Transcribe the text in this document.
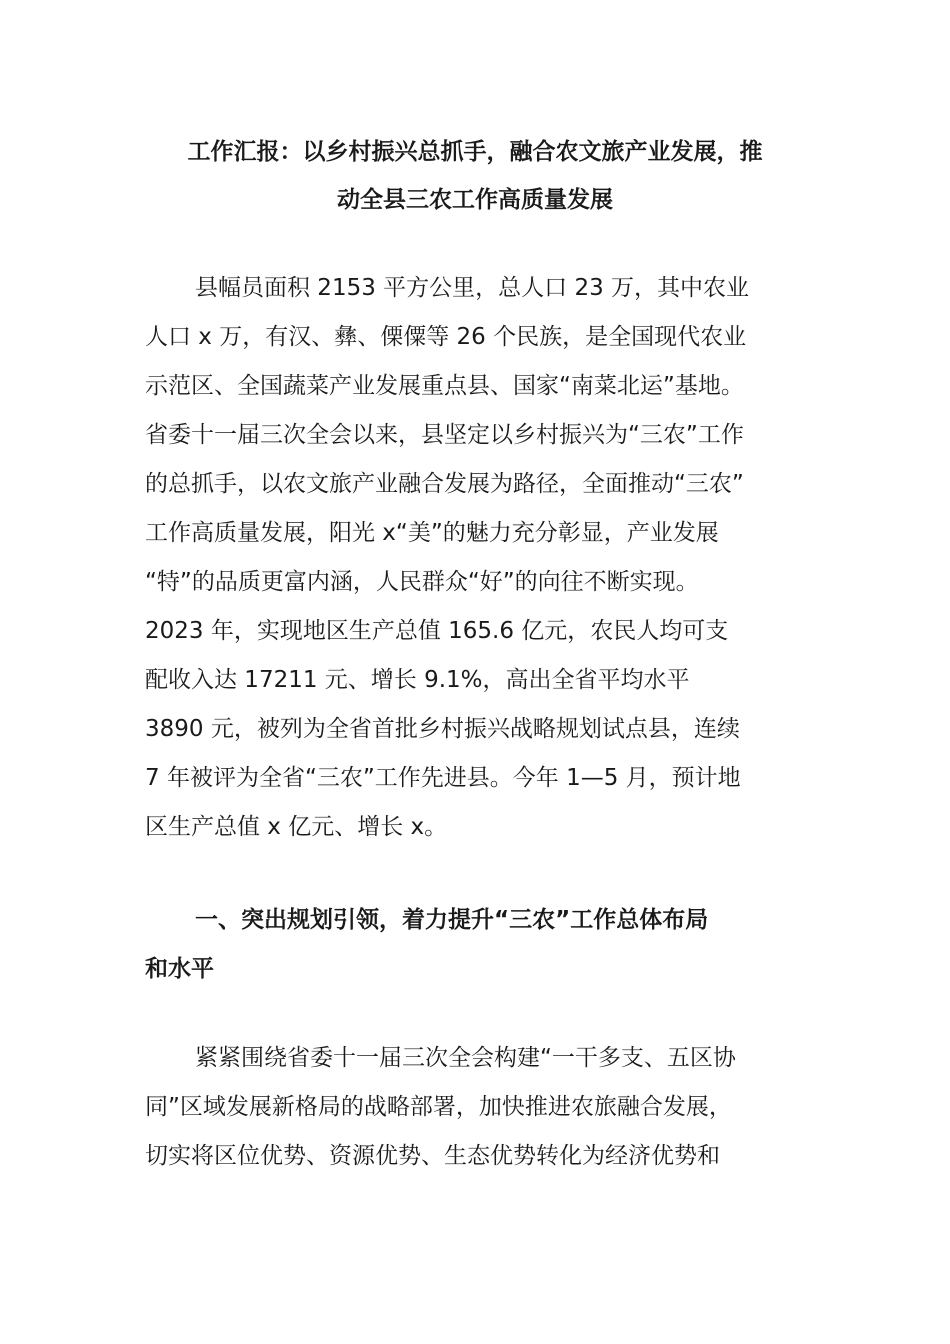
工作汇报：以乡村振兴总抓手，融合农文旅产业发展，推
动全县三农工作高质量发展

县幅员面积 2153 平方公里，总人口 23 万，其中农业
人口 x 万，有汉、彝、傈僳等 26 个民族，是全国现代农业
示范区、全国蔬菜产业发展重点县、国家“南菜北运”基地。
省委十一届三次全会以来，县坚定以乡村振兴为“三农”工作
的总抓手，以农文旅产业融合发展为路径，全面推动“三农”
工作高质量发展，阳光 x“美”的魅力充分彰显，产业发展
“特”的品质更富内涵，人民群众“好”的向往不断实现。
2023 年，实现地区生产总值 165.6 亿元，农民人均可支
配收入达 17211 元、增长 9.1%，高出全省平均水平
3890 元，被列为全省首批乡村振兴战略规划试点县，连续
7 年被评为全省“三农”工作先进县。今年 1—5 月，预计地
区生产总值 x 亿元、增长 x。

一、突出规划引领，着力提升“三农”工作总体布局
和水平

紧紧围绕省委十一届三次全会构建“一干多支、五区协
同”区域发展新格局的战略部署，加快推进农旅融合发展，
切实将区位优势、资源优势、生态优势转化为经济优势和
